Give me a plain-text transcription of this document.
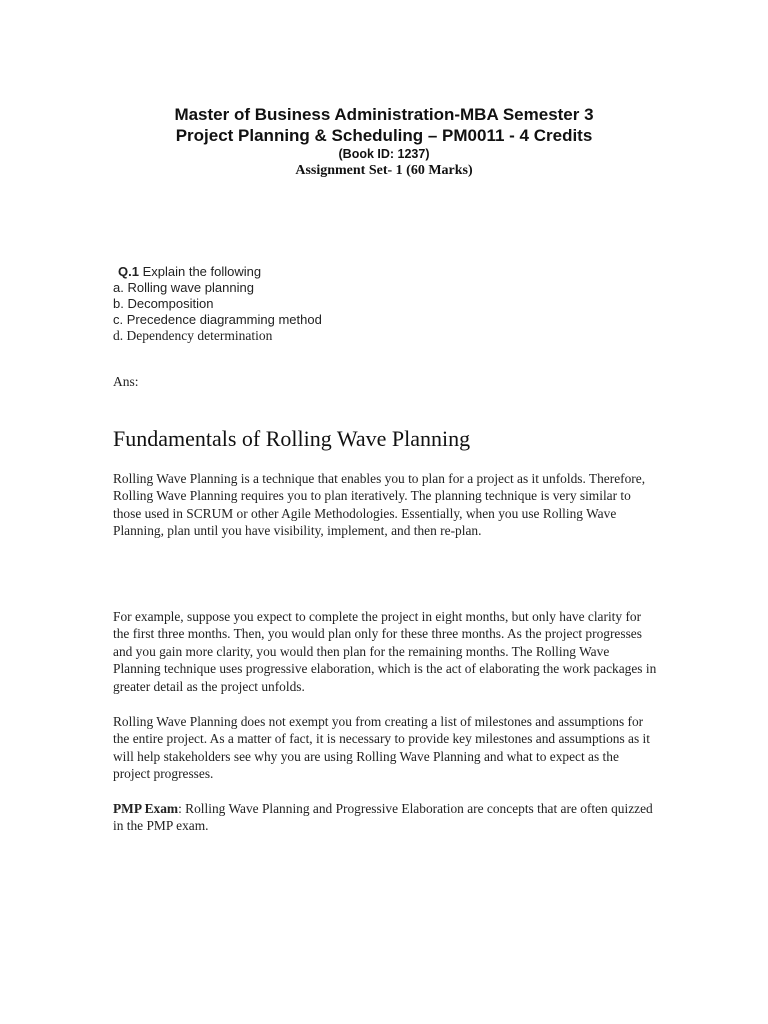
Master of Business Administration-MBA Semester 3
Project Planning & Scheduling – PM0011 - 4 Credits
(Book ID: 1237)
Assignment Set- 1 (60 Marks)
Q.1 Explain the following
a. Rolling wave planning
b. Decomposition
c. Precedence diagramming method
d. Dependency determination
Ans:
Fundamentals of Rolling Wave Planning
Rolling Wave Planning is a technique that enables you to plan for a project as it unfolds. Therefore, Rolling Wave Planning requires you to plan iteratively. The planning technique is very similar to those used in SCRUM or other Agile Methodologies. Essentially, when you use Rolling Wave Planning, plan until you have visibility, implement, and then re-plan.
For example, suppose you expect to complete the project in eight months, but only have clarity for the first three months. Then, you would plan only for these three months. As the project progresses and you gain more clarity, you would then plan for the remaining months. The Rolling Wave Planning technique uses progressive elaboration, which is the act of elaborating the work packages in greater detail as the project unfolds.
Rolling Wave Planning does not exempt you from creating a list of milestones and assumptions for the entire project. As a matter of fact, it is necessary to provide key milestones and assumptions as it will help stakeholders see why you are using Rolling Wave Planning and what to expect as the project progresses.
PMP Exam: Rolling Wave Planning and Progressive Elaboration are concepts that are often quizzed in the PMP exam.
